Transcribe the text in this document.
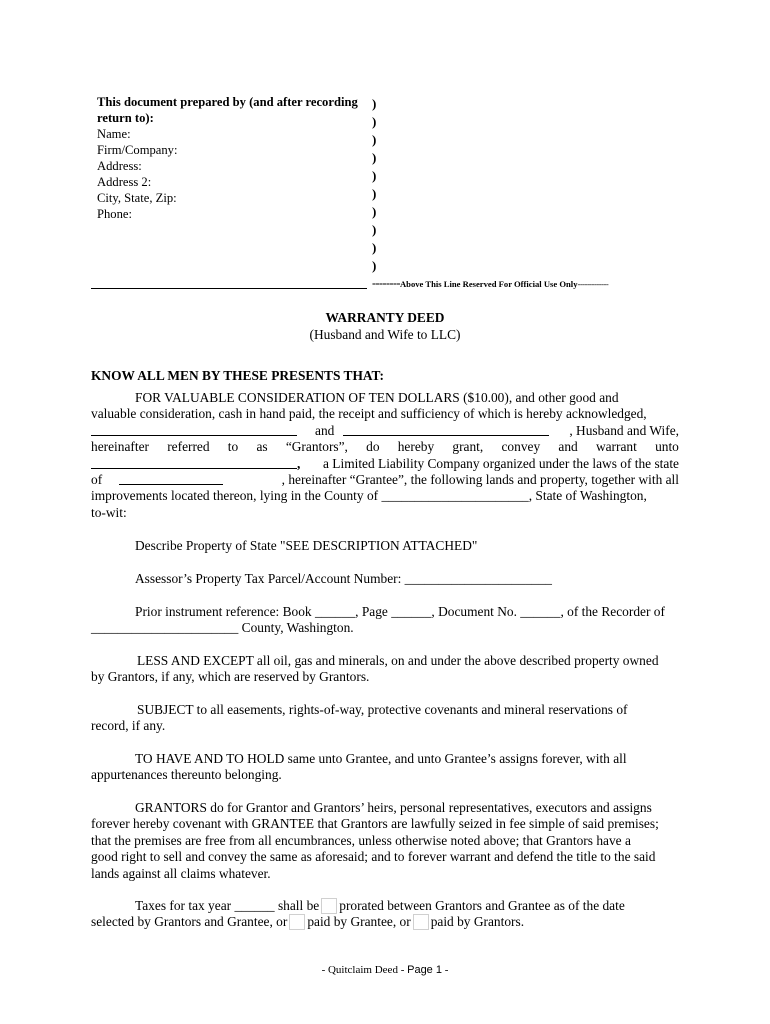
This document prepared by (and after recording
return to):
Name:
Firm/Company:
Address:
Address 2:
City, State, Zip:
Phone:
)
)
)
)
)
)
)
)
)
)
--------Above This Line Reserved For Official Use Only-------------
WARRANTY DEED
(Husband and Wife to LLC)
KNOW ALL MEN BY THESE PRESENTS THAT:
FOR VALUABLE CONSIDERATION OF TEN DOLLARS ($10.00), and other good and
valuable consideration, cash in hand paid, the receipt and sufficiency of which is hereby acknowledged,
and	, Husband and Wife,
hereinafter referred to as “Grantors”, do hereby grant, convey and warrant unto
,	a Limited Liability Company organized under the laws of the state
of	, hereinafter “Grantee”, the following lands and property, together with all
improvements located thereon, lying in the County of ______________________, State of Washington,
to-wit:
Describe Property of State "SEE DESCRIPTION ATTACHED"
Assessor’s Property Tax Parcel/Account Number: ______________________
Prior instrument reference: Book ______, Page ______, Document No. ______, of the Recorder of
______________________ County, Washington.
LESS AND EXCEPT all oil, gas and minerals, on and under the above described property owned
by Grantors, if any, which are reserved by Grantors.
SUBJECT to all easements, rights-of-way, protective covenants and mineral reservations of
record, if any.
TO HAVE AND TO HOLD same unto Grantee, and unto Grantee’s assigns forever, with all
appurtenances thereunto belonging.
GRANTORS do for Grantor and Grantors’ heirs, personal representatives, executors and assigns
forever hereby covenant with GRANTEE that Grantors are lawfully seized in fee simple of said premises;
that the premises are free from all encumbrances, unless otherwise noted above; that Grantors have a
good right to sell and convey the same as aforesaid; and to forever warrant and defend the title to the said
lands against all claims whatever.
Taxes for tax year ______ shall be prorated between Grantors and Grantee as of the date
selected by Grantors and Grantee, or paid by Grantee, or paid by Grantors.
- Quitclaim Deed - Page 1 -
